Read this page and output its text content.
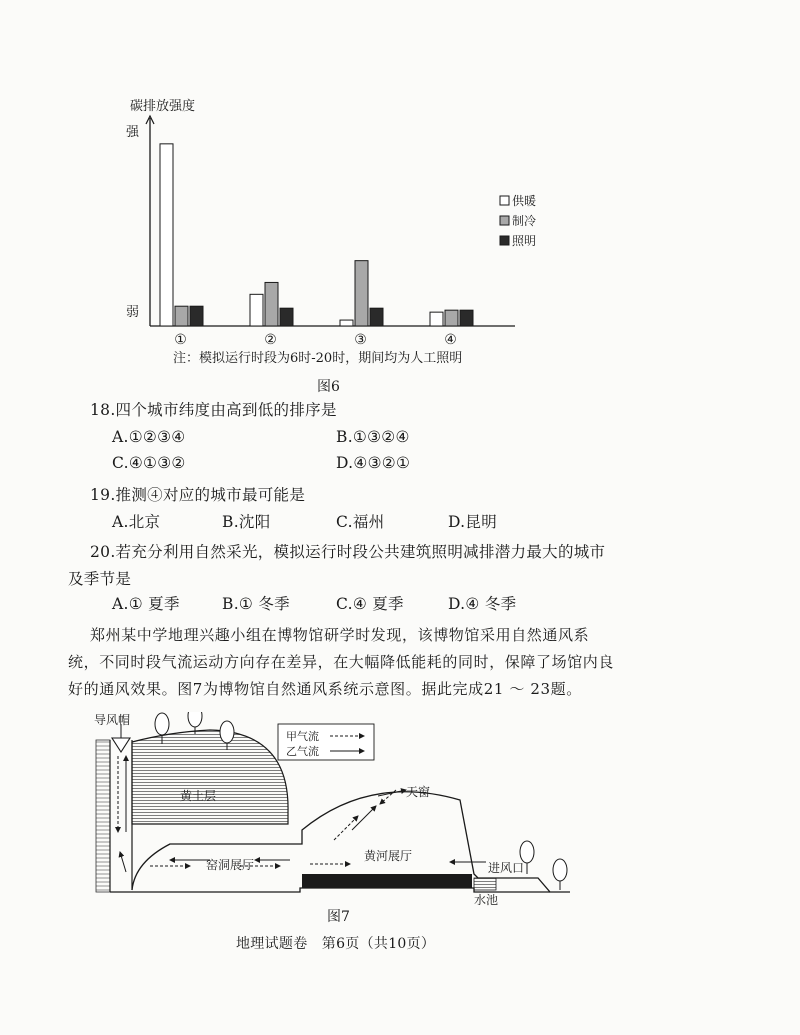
①	②	③	④
供暖
制冷
照明
碳排放强度
强
弱
注：模拟运行时段为6时-20时，期间均为人工照明
图6
18.四个城市纬度由高到低的排序是
A.①②③④	B.①③②④
C.④①③②	D.④③②①
19.推测④对应的城市最可能是
A.北京	B.沈阳	C.福州	D.昆明
20.若充分利用自然采光，模拟运行时段公共建筑照明减排潜力最大的城市
及季节是
A.① 夏季	B.① 冬季	C.④ 夏季	D.④ 冬季
郑州某中学地理兴趣小组在博物馆研学时发现，该博物馆采用自然通风系
统，不同时段气流运动方向存在差异，在大幅降低能耗的同时，保障了场馆内良
好的通风效果。图7为博物馆自然通风系统示意图。据此完成21 ～ 23题。
甲气流
乙气流
导风帽
黄土层	天窗
窑洞展厅
黄河展厅
进风口
水池
图7
地理试题卷　第6页（共10页）
